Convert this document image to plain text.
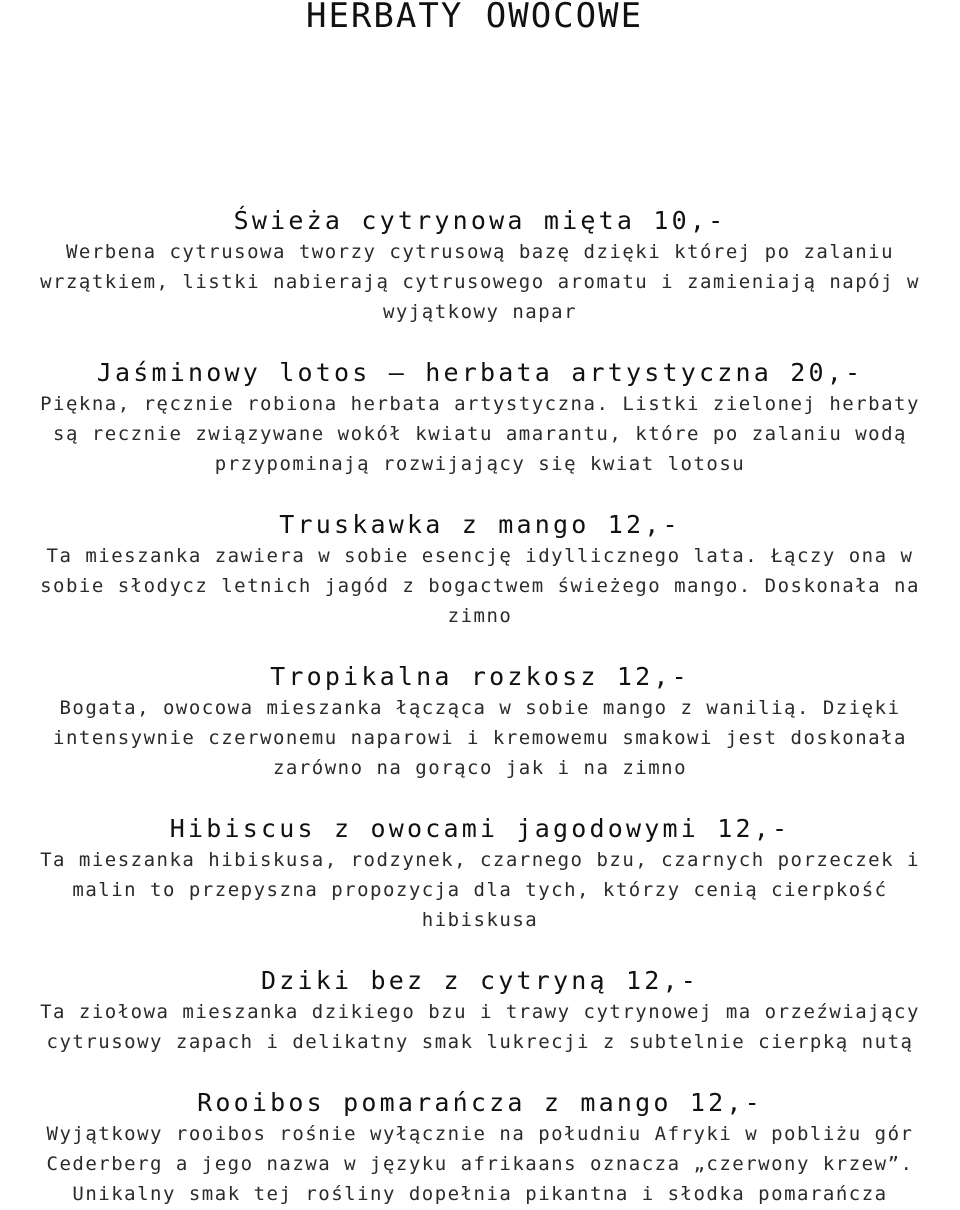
HERBATY OWOCOWE
Świeża cytrynowa mięta 10,-
Werbena cytrusowa tworzy cytrusową bazę dzięki której po zalaniu
wrzątkiem, listki nabierają cytrusowego aromatu i zamieniają napój w
wyjątkowy napar
Jaśminowy lotos – herbata artystyczna 20,-
Piękna, ręcznie robiona herbata artystyczna. Listki zielonej herbaty
są recznie związywane wokół kwiatu amarantu, które po zalaniu wodą
przypominają rozwijający się kwiat lotosu
Truskawka z mango 12,-
Ta mieszanka zawiera w sobie esencję idyllicznego lata. Łączy ona w
sobie słodycz letnich jagód z bogactwem świeżego mango. Doskonała na
zimno
Tropikalna rozkosz 12,-
Bogata, owocowa mieszanka łącząca w sobie mango z wanilią. Dzięki
intensywnie czerwonemu naparowi i kremowemu smakowi jest doskonała
zarówno na gorąco jak i na zimno
Hibiscus z owocami jagodowymi 12,-
Ta mieszanka hibiskusa, rodzynek, czarnego bzu, czarnych porzeczek i
malin to przepyszna propozycja dla tych, którzy cenią cierpkość
hibiskusa
Dziki bez z cytryną 12,-
Ta ziołowa mieszanka dzikiego bzu i trawy cytrynowej ma orzeźwiający
cytrusowy zapach i delikatny smak lukrecji z subtelnie cierpką nutą
Rooibos pomarańcza z mango 12,-
Wyjątkowy rooibos rośnie wyłącznie na południu Afryki w pobliżu gór
Cederberg a jego nazwa w języku afrikaans oznacza „czerwony krzew”.
Unikalny smak tej rośliny dopełnia pikantna i słodka pomarańcza
